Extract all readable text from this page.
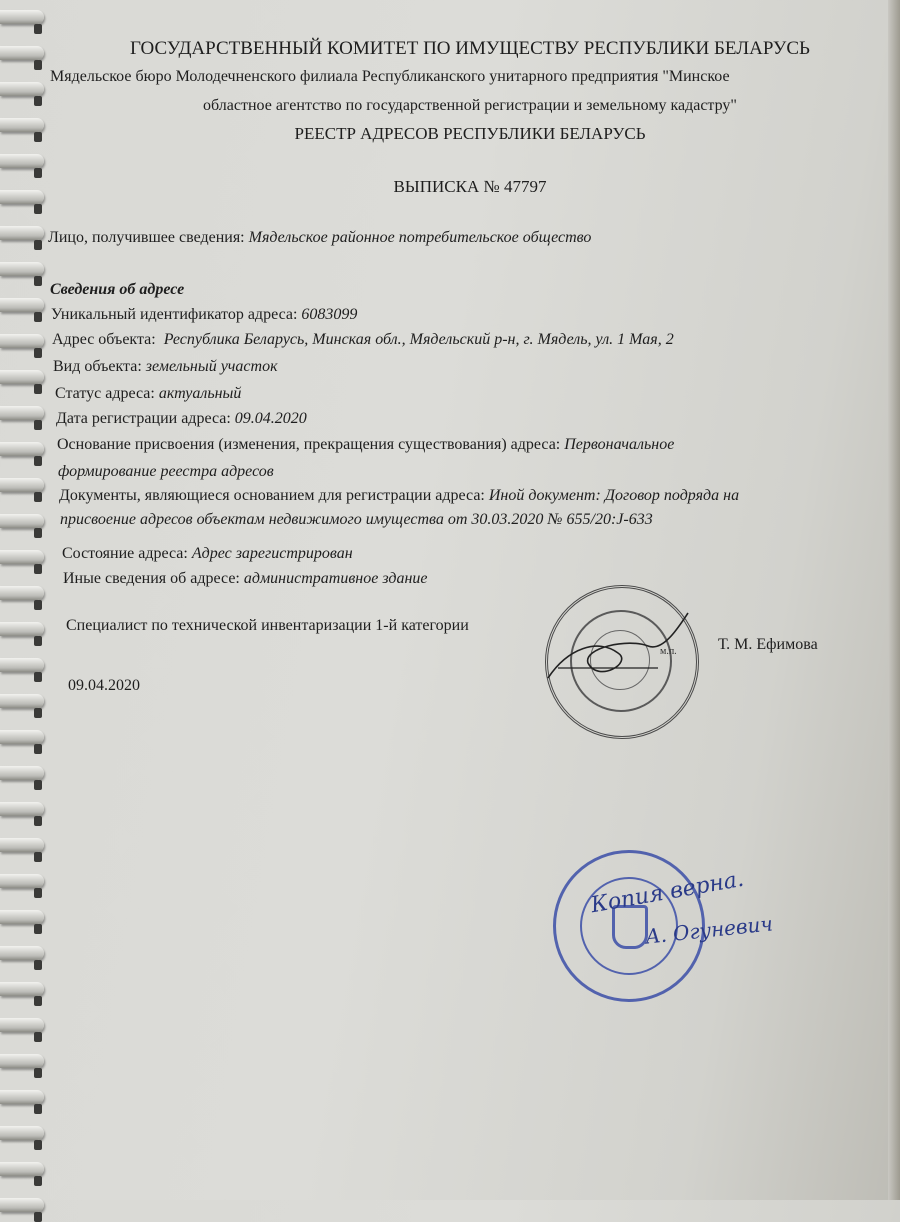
ГОСУДАРСТВЕННЫЙ КОМИТЕТ ПО ИМУЩЕСТВУ РЕСПУБЛИКИ БЕЛАРУСЬ
Мядельское бюро Молодечненского филиала Республиканского унитарного предприятия "Минское
областное агентство по государственной регистрации и земельному кадастру"
РЕЕСТР АДРЕСОВ РЕСПУБЛИКИ БЕЛАРУСЬ
ВЫПИСКА № 47797
Лицо, получившее сведения: Мядельское районное потребительское общество
Сведения об адресе
Уникальный идентификатор адреса: 6083099
Адрес объекта: Республика Беларусь, Минская обл., Мядельский р-н, г. Мядель, ул. 1 Мая, 2
Вид объекта: земельный участок
Статус адреса: актуальный
Дата регистрации адреса: 09.04.2020
Основание присвоения (изменения, прекращения существования) адреса: Первоначальное
формирование реестра адресов
Документы, являющиеся основанием для регистрации адреса: Иной документ: Договор подряда на
присвоение адресов объектам недвижимого имущества от 30.03.2020 № 655/20:J-633
Состояние адреса: Адрес зарегистрирован
Иные сведения об адресе: административное здание
Специалист по технической инвентаризации 1-й категории
Т. М. Ефимова
09.04.2020
м.п.
Копия верна.
А. Огуневич
